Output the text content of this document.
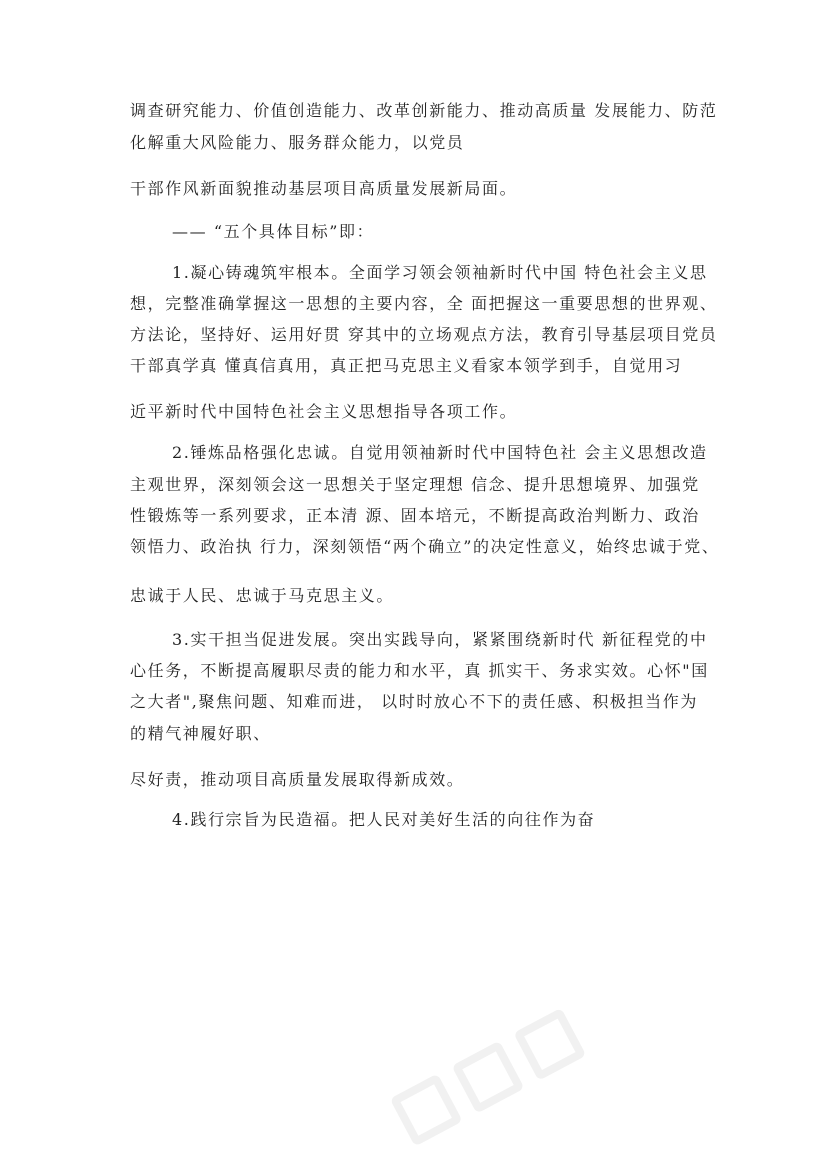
调查研究能力、价值创造能力、改革创新能力、推动高质量 发展能力、防范
化解重大风险能力、服务群众能力，以党员
干部作风新面貌推动基层项目高质量发展新局面。
—— “五个具体目标”即：
1.凝心铸魂筑牢根本。全面学习领会领袖新时代中国 特色社会主义思
想，完整准确掌握这一思想的主要内容，全 面把握这一重要思想的世界观、
方法论，坚持好、运用好贯 穿其中的立场观点方法，教育引导基层项目党员
干部真学真 懂真信真用，真正把马克思主义看家本领学到手，自觉用习
近平新时代中国特色社会主义思想指导各项工作。
2.锤炼品格强化忠诚。自觉用领袖新时代中国特色社 会主义思想改造
主观世界，深刻领会这一思想关于坚定理想 信念、提升思想境界、加强党
性锻炼等一系列要求，正本清 源、固本培元，不断提高政治判断力、政治
领悟力、政治执 行力，深刻领悟“两个确立”的决定性意义，始终忠诚于党、
忠诚于人民、忠诚于马克思主义。
3.实干担当促进发展。突出实践导向，紧紧围绕新时代 新征程党的中
心任务，不断提高履职尽责的能力和水平，真 抓实干、务求实效。心怀"国
之大者",聚焦问题、知难而进， 以时时放心不下的责任感、积极担当作为
的精气神履好职、
尽好责，推动项目高质量发展取得新成效。
4.践行宗旨为民造福。把人民对美好生活的向往作为奋
